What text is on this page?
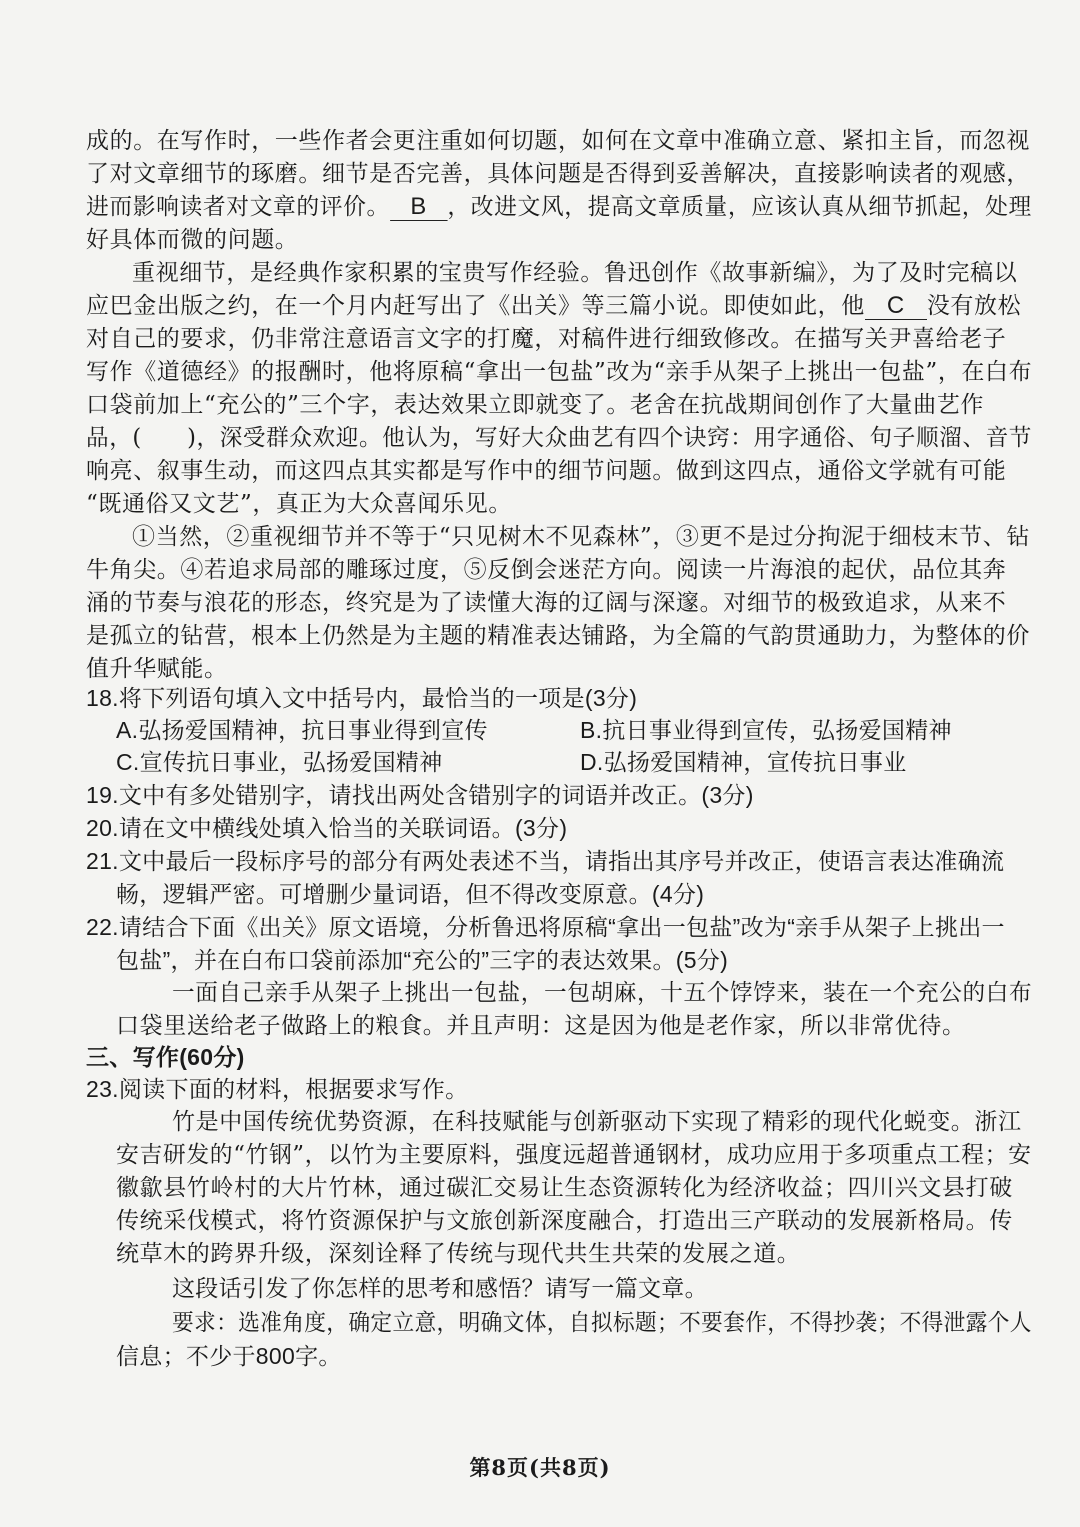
成的。在写作时，一些作者会更注重如何切题，如何在文章中准确立意、紧扣主旨，而忽视
了对文章细节的琢磨。细节是否完善，具体问题是否得到妥善解决，直接影响读者的观感，
进而影响读者对文章的评价。 B ，改进文风，提高文章质量，应该认真从细节抓起，处理
好具体而微的问题。
重视细节，是经典作家积累的宝贵写作经验。鲁迅创作《故事新编》，为了及时完稿以
应巴金出版之约，在一个月内赶写出了《出关》等三篇小说。即使如此，他 C 没有放松
对自己的要求，仍非常注意语言文字的打魔，对稿件进行细致修改。在描写关尹喜给老子
写作《道德经》的报酬时，他将原稿“拿出一包盐”改为“亲手从架子上挑出一包盐”，在白布
口袋前加上“充公的”三个字，表达效果立即就变了。老舍在抗战期间创作了大量曲艺作
品，( )，深受群众欢迎。他认为，写好大众曲艺有四个诀窍：用字通俗、句子顺溜、音节
响亮、叙事生动，而这四点其实都是写作中的细节问题。做到这四点，通俗文学就有可能
“既通俗又文艺”，真正为大众喜闻乐见。
①当然，②重视细节并不等于“只见树木不见森林”，③更不是过分拘泥于细枝末节、钻
牛角尖。④若追求局部的雕琢过度，⑤反倒会迷茫方向。阅读一片海浪的起伏，品位其奔
涌的节奏与浪花的形态，终究是为了读懂大海的辽阔与深邃。对细节的极致追求，从来不
是孤立的钻营，根本上仍然是为主题的精准表达铺路，为全篇的气韵贯通助力，为整体的价
值升华赋能。
18.将下列语句填入文中括号内，最恰当的一项是(3分)
A.弘扬爱国精神，抗日事业得到宣传	B.抗日事业得到宣传，弘扬爱国精神
C.宣传抗日事业，弘扬爱国精神	D.弘扬爱国精神，宣传抗日事业
19.文中有多处错别字，请找出两处含错别字的词语并改正。(3分)
20.请在文中横线处填入恰当的关联词语。(3分)
21.文中最后一段标序号的部分有两处表述不当，请指出其序号并改正，使语言表达准确流
畅，逻辑严密。可增删少量词语，但不得改变原意。(4分)
22.请结合下面《出关》原文语境，分析鲁迅将原稿“拿出一包盐”改为“亲手从架子上挑出一
包盐”，并在白布口袋前添加“充公的”三字的表达效果。(5分)
一面自己亲手从架子上挑出一包盐，一包胡麻，十五个饽饽来，装在一个充公的白布
口袋里送给老子做路上的粮食。并且声明：这是因为他是老作家，所以非常优待。
三、写作(60分)
23.阅读下面的材料，根据要求写作。
竹是中国传统优势资源，在科技赋能与创新驱动下实现了精彩的现代化蜕变。浙江
安吉研发的“竹钢”，以竹为主要原料，强度远超普通钢材，成功应用于多项重点工程；安
徽歙县竹岭村的大片竹林，通过碳汇交易让生态资源转化为经济收益；四川兴文县打破
传统采伐模式，将竹资源保护与文旅创新深度融合，打造出三产联动的发展新格局。传
统草木的跨界升级，深刻诠释了传统与现代共生共荣的发展之道。
这段话引发了你怎样的思考和感悟？请写一篇文章。
要求：选准角度，确定立意，明确文体，自拟标题；不要套作，不得抄袭；不得泄露个人
信息；不少于800字。
第8页(共8页)
